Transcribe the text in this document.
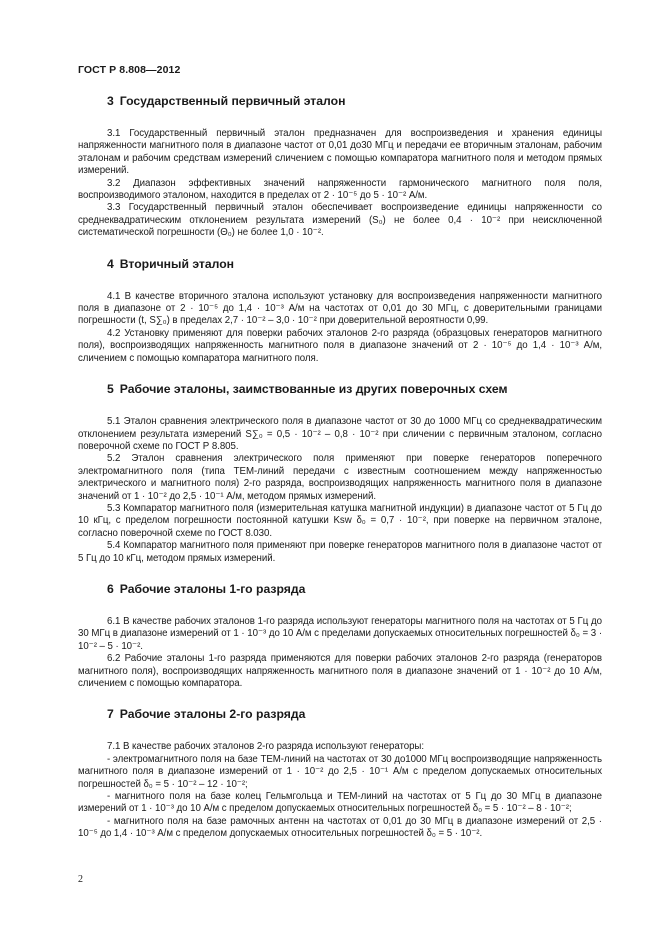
ГОСТ Р 8.808—2012
3 Государственный первичный эталон

3.1 Государственный первичный эталон предназначен для воспроизведения и хранения единицы напряженности магнитного поля в диапазоне частот от 0,01 до30 МГц и передачи ее вторичным эталонам, рабочим эталонам и рабочим средствам измерений сличением с помощью компаратора магнитного поля и методом прямых измерений.

3.2 Диапазон эффективных значений напряженности гармонического магнитного поля поля, воспроизводимого эталоном, находится в пределах от 2 · 10⁻⁵ до 5 · 10⁻² А/м.

3.3 Государственный первичный эталон обеспечивает воспроизведение единицы напряженности со среднеквадратическим отклонением результата измерений (S₀) не более 0,4 · 10⁻² при неисключенной систематической погрешности (Θ₀) не более 1,0 · 10⁻².

4 Вторичный эталон

4.1 В качестве вторичного эталона используют установку для воспроизведения напряженности магнитного поля в диапазоне от 2 · 10⁻⁵ до 1,4 · 10⁻³ А/м на частотах от 0,01 до 30 МГц, с доверительными границами погрешности (t, S∑₀) в пределах 2,7 · 10⁻² – 3,0 · 10⁻² при доверительной вероятности 0,99.

4.2 Установку применяют для поверки рабочих эталонов 2-го разряда (образцовых генераторов магнитного поля), воспроизводящих напряженность магнитного поля в диапазоне значений от 2 · 10⁻⁵ до 1,4 · 10⁻³ А/м, сличением с помощью компаратора магнитного поля.

5 Рабочие эталоны, заимствованные из других поверочных схем

5.1 Эталон сравнения электрического поля в диапазоне частот от 30 до 1000 МГц со среднеквадратическим отклонением результата измерений S∑₀ = 0,5 · 10⁻² – 0,8 · 10⁻² при сличении с первичным эталоном, согласно поверочной схеме по ГОСТ Р 8.805.

5.2 Эталон сравнения электрического поля применяют при поверке генераторов поперечного электромагнитного поля (типа ТЕМ-линий передачи с известным соотношением между напряженностью электрического и магнитного поля) 2-го разряда, воспроизводящих напряженность магнитного поля в диапазоне значений от 1 · 10⁻² до 2,5 · 10⁻¹ А/м, методом прямых измерений.

5.3 Компаратор магнитного поля (измерительная катушка магнитной индукции) в диапазоне частот от 5 Гц до 10 кГц, с пределом погрешности постоянной катушки Ksw δ₀ = 0,7 · 10⁻², при поверке на первичном эталоне, согласно поверочной схеме по ГОСТ 8.030.

5.4 Компаратор магнитного поля применяют при поверке генераторов магнитного поля в диапазоне частот от 5 Гц до 10 кГц, методом прямых измерений.

6 Рабочие эталоны 1-го разряда

6.1 В качестве рабочих эталонов 1-го разряда используют генераторы магнитного поля на частотах от 5 Гц до 30 МГц в диапазоне измерений от 1 · 10⁻³ до 10 А/м с пределами допускаемых относительных погрешностей δ₀ = 3 · 10⁻² – 5 · 10⁻².

6.2 Рабочие эталоны 1-го разряда применяются для поверки рабочих эталонов 2-го разряда (генераторов магнитного поля), воспроизводящих напряженность магнитного поля в диапазоне значений от 1 · 10⁻² до 10 А/м, сличением с помощью компаратора.

7 Рабочие эталоны 2-го разряда

7.1 В качестве рабочих эталонов 2-го разряда используют генераторы:

- электромагнитного поля на базе ТЕМ-линий на частотах от 30 до1000 МГц воспроизводящие напряженность магнитного поля в диапазоне измерений от 1 · 10⁻² до 2,5 · 10⁻¹ А/м с пределом допускаемых относительных погрешностей δ₀ = 5 · 10⁻² – 12 · 10⁻²;

- магнитного поля на базе колец Гельмгольца и ТЕМ-линий на частотах от 5 Гц до 30 МГц в диапазоне измерений от 1 · 10⁻³ до 10 А/м с пределом допускаемых относительных погрешностей δ₀ = 5 · 10⁻² – 8 · 10⁻²;

- магнитного поля на базе рамочных антенн на частотах от 0,01 до 30 МГц в диапазоне измерений от 2,5 · 10⁻⁵ до 1,4 · 10⁻³ А/м с пределом допускаемых относительных погрешностей δ₀ = 5 · 10⁻².

2
